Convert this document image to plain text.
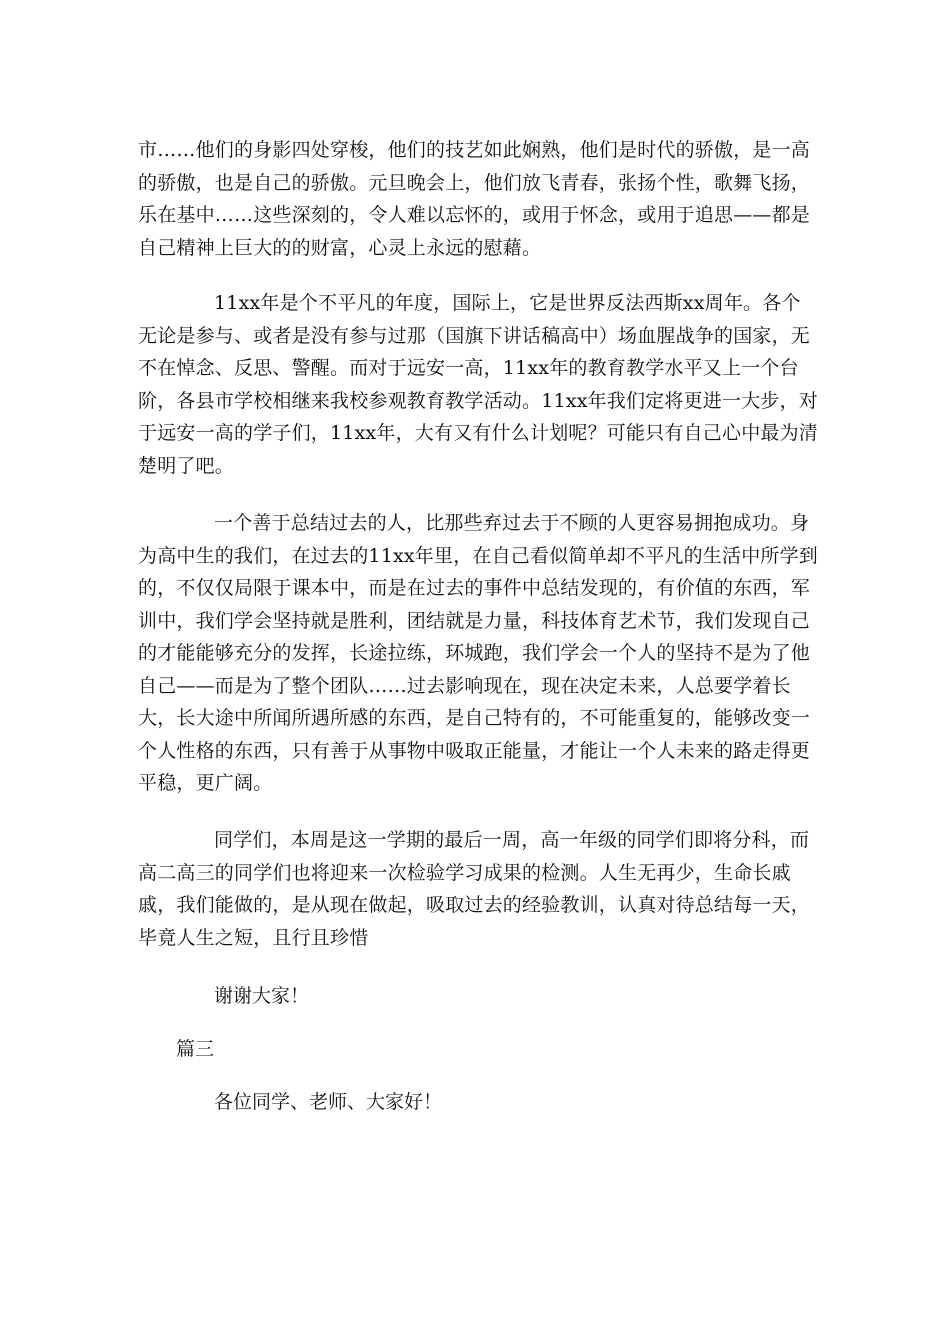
市……他们的身影四处穿梭，他们的技艺如此娴熟，他们是时代的骄傲，是一高的骄傲，也是自己的骄傲。元旦晚会上，他们放飞青春，张扬个性，歌舞飞扬，乐在基中……这些深刻的，令人难以忘怀的，或用于怀念，或用于追思——都是自己精神上巨大的的财富，心灵上永远的慰藉。

11xx年是个不平凡的年度，国际上，它是世界反法西斯xx周年。各个无论是参与、或者是没有参与过那（国旗下讲话稿高中）场血腥战争的国家，无不在悼念、反思、警醒。而对于远安一高，11xx年的教育教学水平又上一个台阶，各县市学校相继来我校参观教育教学活动。11xx年我们定将更进一大步，对于远安一高的学子们，11xx年，大有又有什么计划呢？可能只有自己心中最为清楚明了吧。

一个善于总结过去的人，比那些弃过去于不顾的人更容易拥抱成功。身为高中生的我们，在过去的11xx年里，在自己看似简单却不平凡的生活中所学到的，不仅仅局限于课本中，而是在过去的事件中总结发现的，有价值的东西，军训中，我们学会坚持就是胜利，团结就是力量，科技体育艺术节，我们发现自己的才能能够充分的发挥，长途拉练，环城跑，我们学会一个人的坚持不是为了他自己——而是为了整个团队……过去影响现在，现在决定未来，人总要学着长大，长大途中所闻所遇所感的东西，是自己特有的，不可能重复的，能够改变一个人性格的东西，只有善于从事物中吸取正能量，才能让一个人未来的路走得更平稳，更广阔。

同学们，本周是这一学期的最后一周，高一年级的同学们即将分科，而高二高三的同学们也将迎来一次检验学习成果的检测。人生无再少，生命长戚戚，我们能做的，是从现在做起，吸取过去的经验教训，认真对待总结每一天，毕竟人生之短，且行且珍惜

谢谢大家！

篇三

各位同学、老师、大家好！
